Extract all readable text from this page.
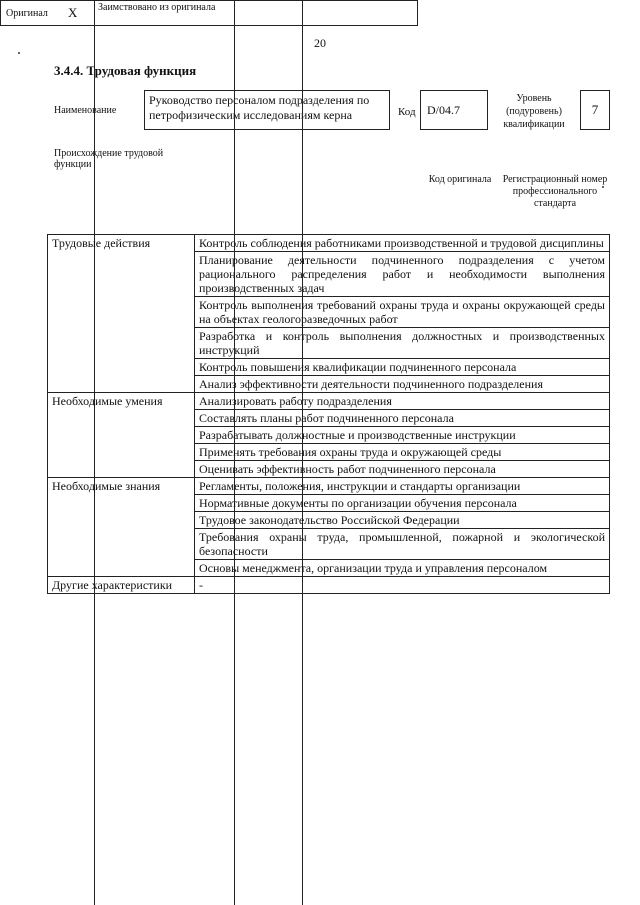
20
3.4.4. Трудовая функция
Наименование
Руководство персоналом подразделения по петрофизическим исследованиям керна	Код D/04.7
Уровень (подуровень) квалификации
7
Происхождение трудовой функции
Оригинал X Заимствовано из оригинала
Код оригинала Регистрационный номер профессионального стандарта
Трудовые действия	Контроль соблюдения работниками производственной и трудовой дисциплины
	Планирование деятельности подчиненного подразделения с учетом рационального распределения работ и необходимости выполнения производственных задач
	Контроль выполнения требований охраны труда и охраны окружающей среды на объектах геологоразведочных работ
	Разработка и контроль выполнения должностных и производственных инструкций
	Контроль повышения квалификации подчиненного персонала
	Анализ эффективности деятельности подчиненного подразделения
Необходимые умения	Анализировать работу подразделения
	Составлять планы работ подчиненного персонала
	Разрабатывать должностные и производственные инструкции
	Применять требования охраны труда и окружающей среды
	Оценивать эффективность работ подчиненного персонала
Необходимые знания	Регламенты, положения, инструкции и стандарты организации
	Нормативные документы по организации обучения персонала
	Трудовое законодательство Российской Федерации
	Требования охраны труда, промышленной, пожарной и экологической безопасности
	Основы менеджмента, организации труда и управления персоналом
Другие характеристики	-
